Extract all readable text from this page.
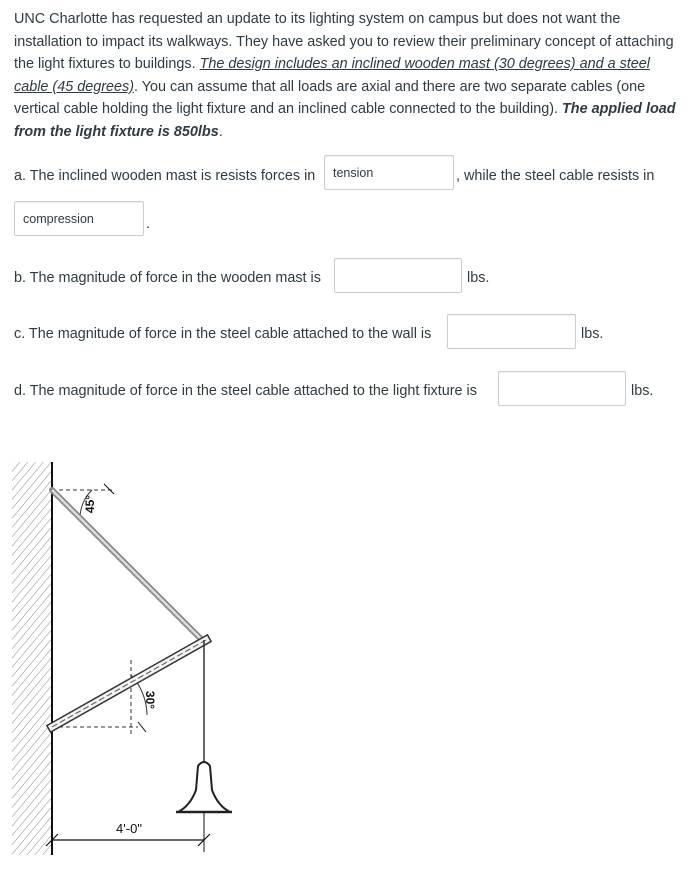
UNC Charlotte has requested an update to its lighting system on campus but does not want the installation to impact its walkways. They have asked you to review their preliminary concept of attaching the light fixtures to buildings. The design includes an inclined wooden mast (30 degrees) and a steel cable (45 degrees). You can assume that all loads are axial and there are two separate cables (one vertical cable holding the light fixture and an inclined cable connected to the building). The applied load from the light fixture is 850lbs.

a. The inclined wooden mast is resists forces in
tension	, while the steel cable resists in
compression
.
b. The magnitude of force in the wooden mast is	lbs.
c. The magnitude of force in the steel cable attached to the wall is	lbs.
d. The magnitude of force in the steel cable attached to the light fixture is	lbs.
45°
30°
4'-0"
